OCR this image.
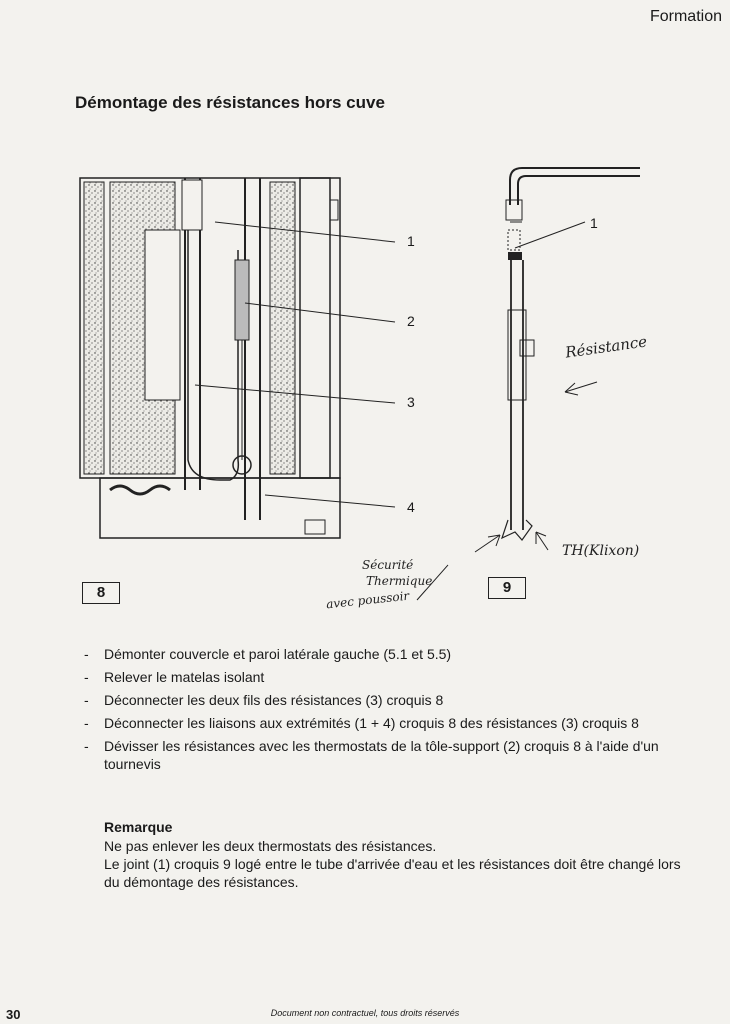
Formation
Démontage des résistances hors cuve
1
2
3
4
1
8	9
Résistance
TH(Klixon)
Sécurité
Thermique
avec poussoir
- Démonter couvercle et paroi latérale gauche (5.1 et 5.5)
- Relever le matelas isolant
- Déconnecter les deux fils des résistances (3) croquis 8
- Déconnecter les liaisons aux extrémités (1 + 4) croquis 8 des résistances (3) croquis 8
- Dévisser les résistances avec les thermostats de la tôle-support (2) croquis 8 à l'aide d'un tournevis
Remarque

Ne pas enlever les deux thermostats des résistances.

Le joint (1) croquis 9 logé entre le tube d'arrivée d'eau et les résistances doit être changé lors du démontage des résistances.

30	Document non contractuel, tous droits réservés
